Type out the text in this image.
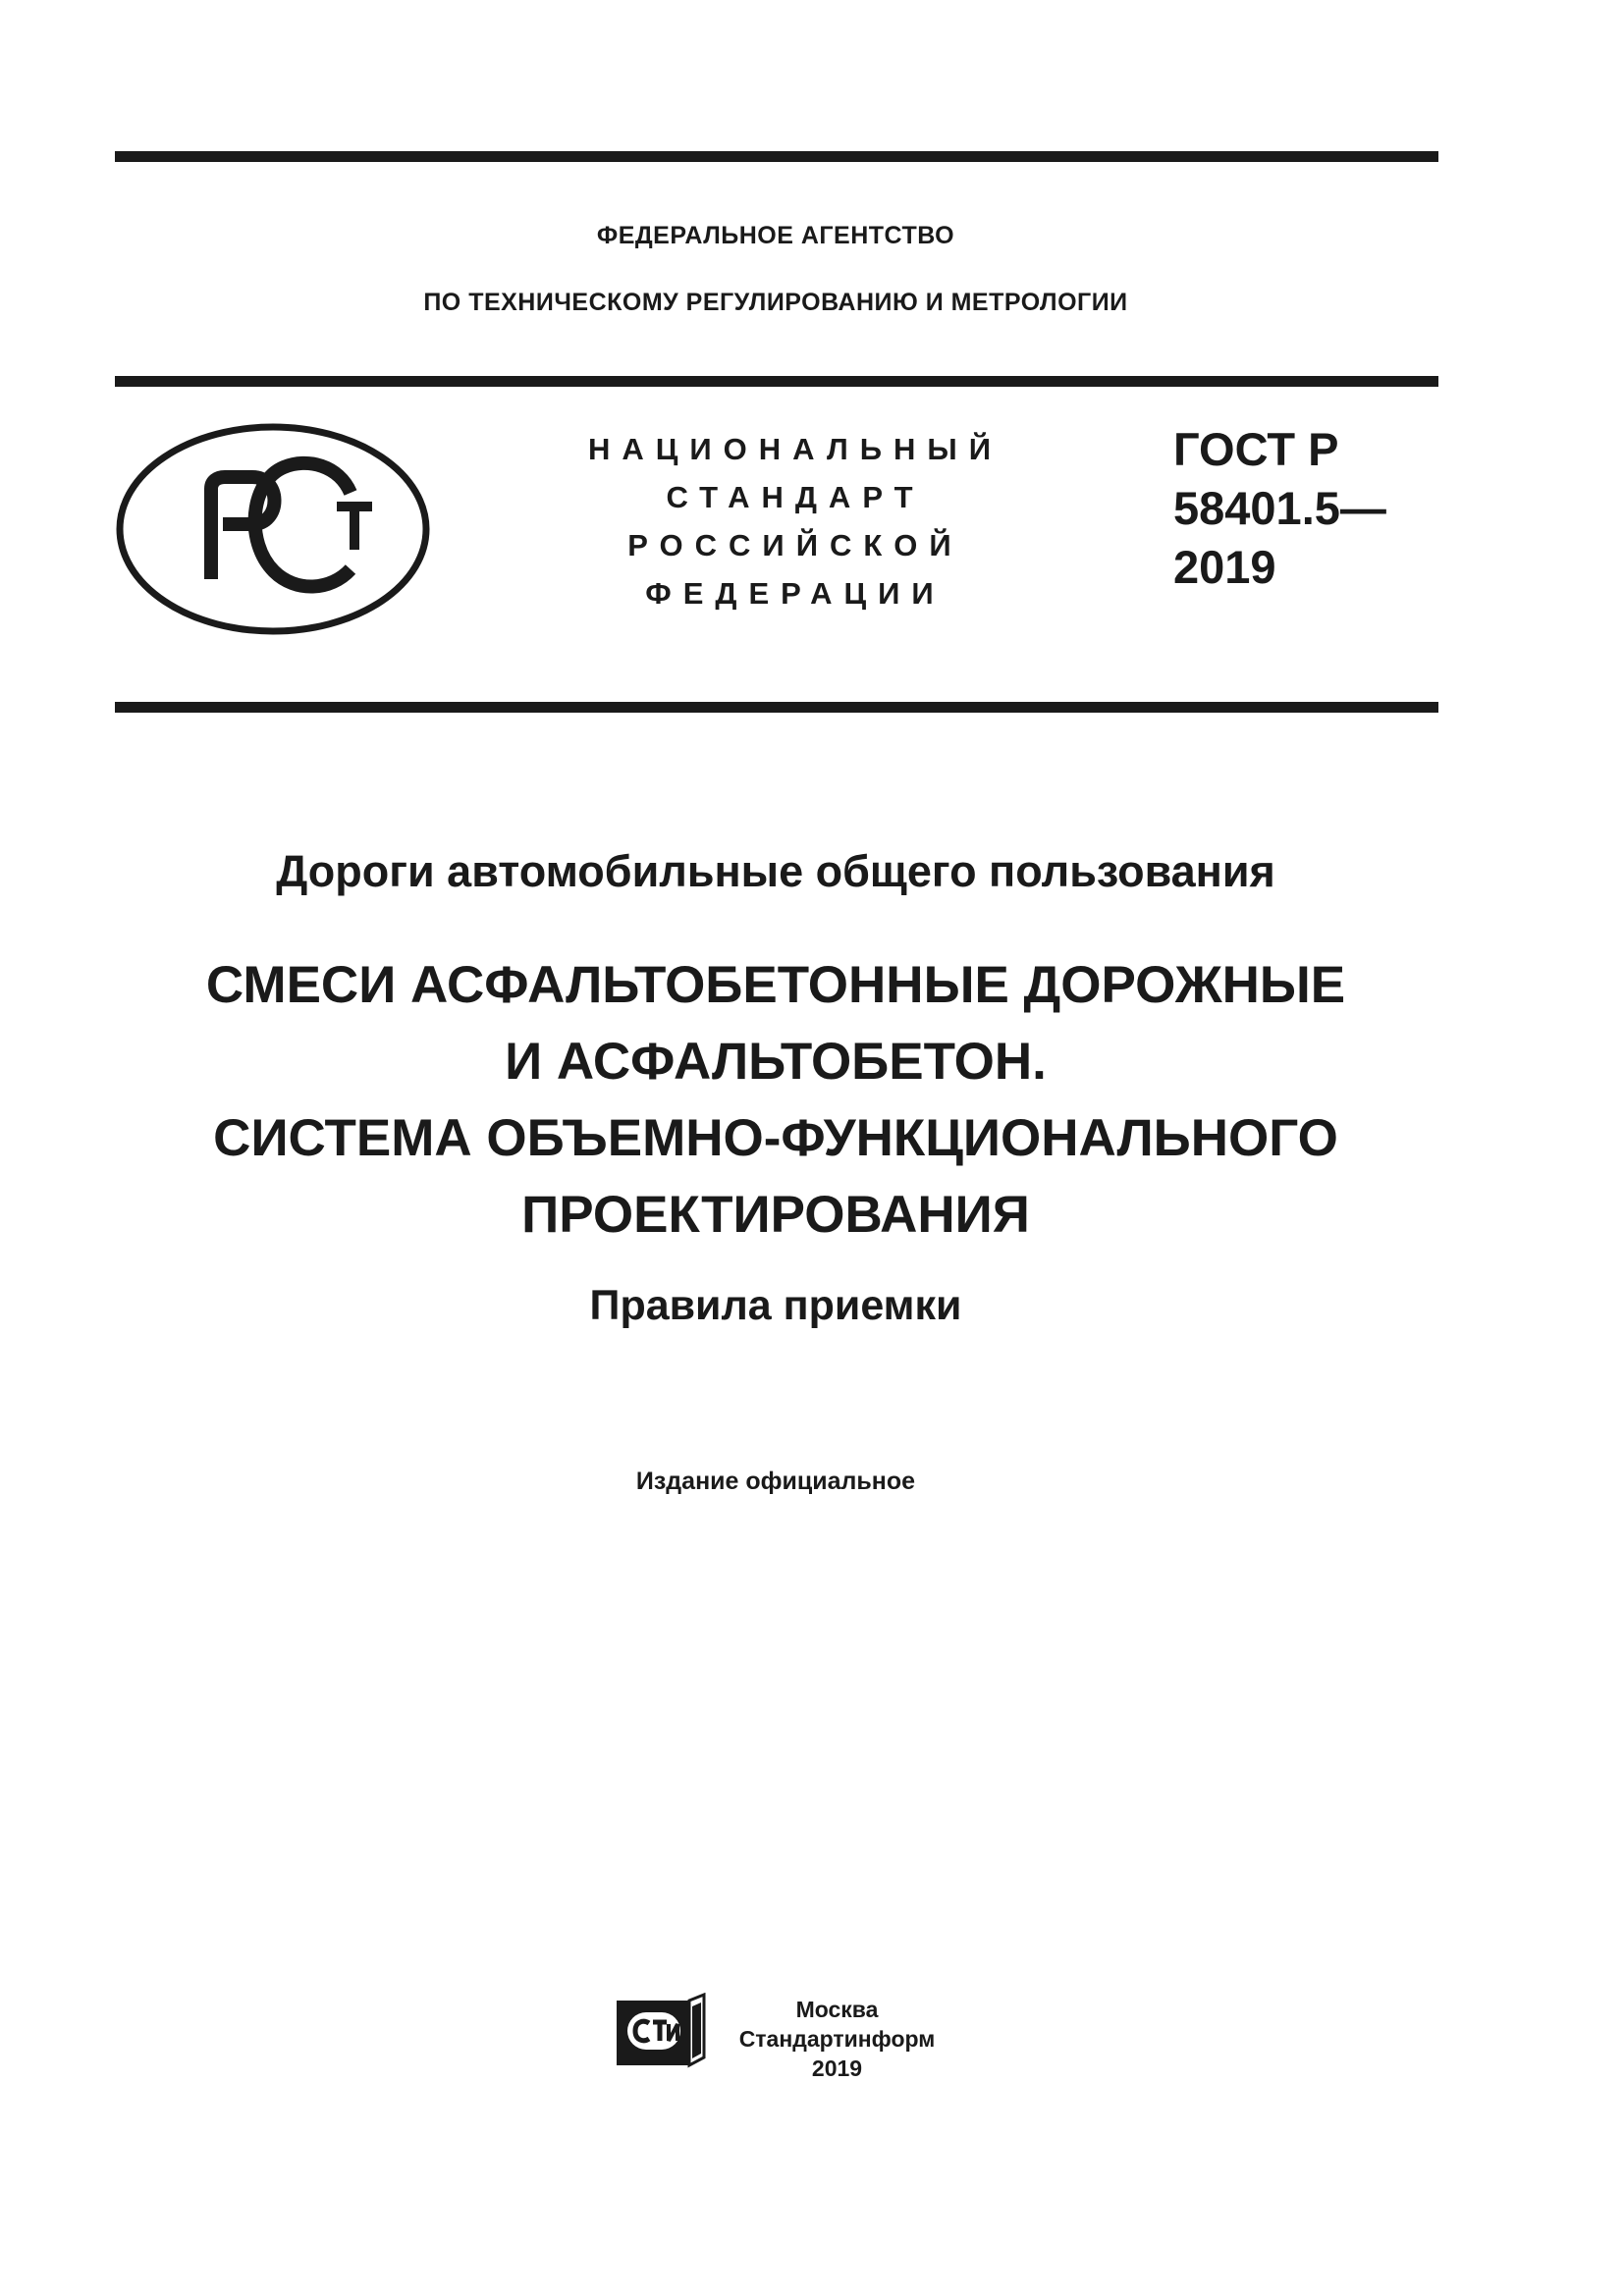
ФЕДЕРАЛЬНОЕ АГЕНТСТВО
ПО ТЕХНИЧЕСКОМУ РЕГУЛИРОВАНИЮ И МЕТРОЛОГИИ
НАЦИОНАЛЬНЫЙ
СТАНДАРТ
РОССИЙСКОЙ
ФЕДЕРАЦИИ
ГОСТ Р
58401.5—
2019
Дороги автомобильные общего пользования
СМЕСИ АСФАЛЬТОБЕТОННЫЕ ДОРОЖНЫЕ
И АСФАЛЬТОБЕТОН.
СИСТЕМА ОБЪЕМНО-ФУНКЦИОНАЛЬНОГО
ПРОЕКТИРОВАНИЯ
Правила приемки
Издание официальное
Москва
Стандартинформ
2019
